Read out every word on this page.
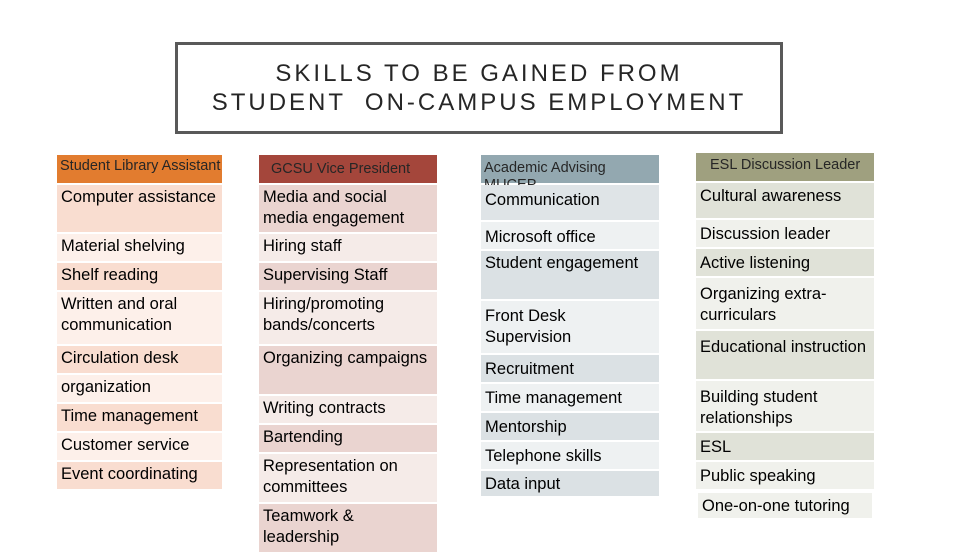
SKILLS TO BE GAINED FROM
STUDENT  ON-CAMPUS EMPLOYMENT
Student Library Assistant
Computer assistance
Material shelving
Shelf reading
Written and oral communication
Circulation desk
organization
Time management
Customer service
Event coordinating
GCSU Vice President
Media and social media engagement
Hiring staff
Supervising Staff
Hiring/promoting bands/concerts
Organizing campaigns
Writing contracts
Bartending
Representation on committees
Teamwork & leadership
Academic Advising
Communication
Microsoft office
Student engagement
Front Desk Supervision
Recruitment
Time management
Mentorship
Telephone skills
Data input
ESL Discussion Leader
Cultural awareness
Discussion leader
Active listening
Organizing extra-curriculars
Educational instruction
Building student relationships
ESL
Public speaking
One-on-one tutoring
